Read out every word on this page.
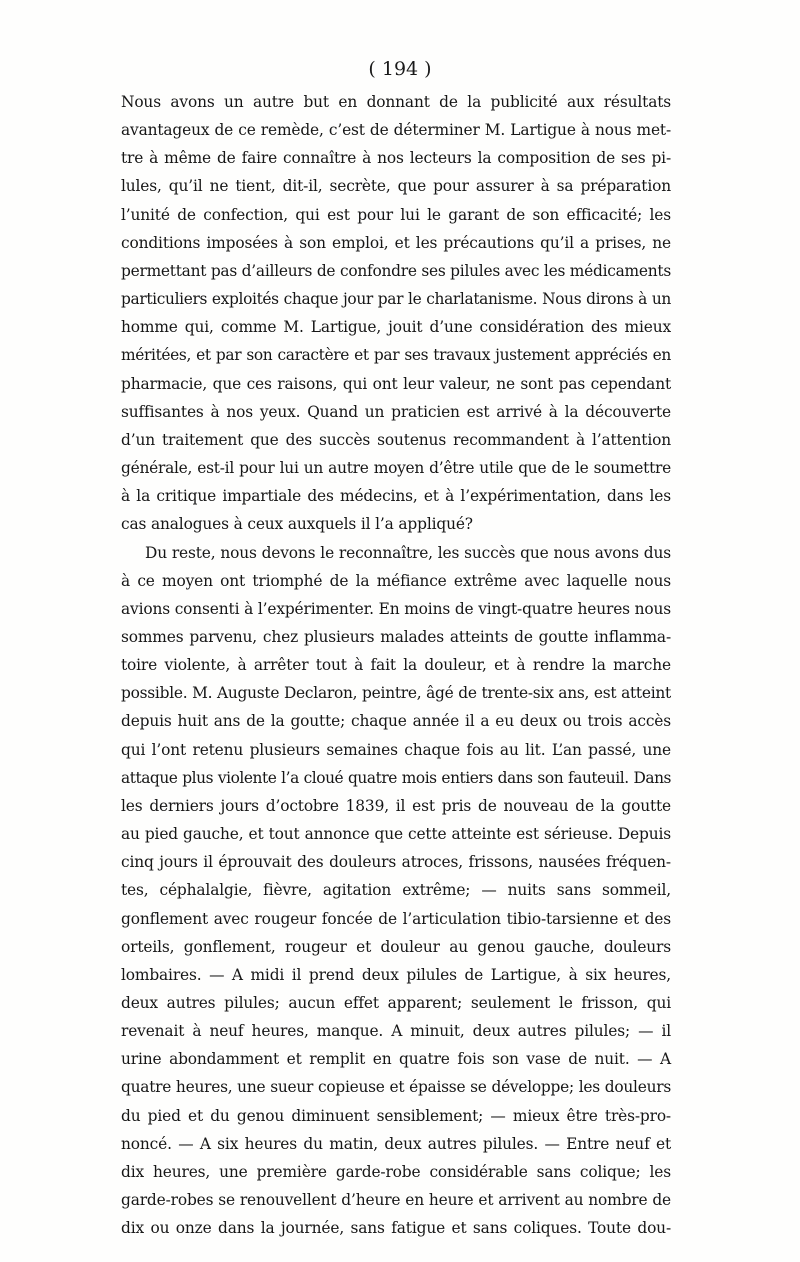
( 194 )
Nous avons un autre but en donnant de la publicité aux résultats
avantageux de ce remède, c’est de déterminer M. Lartigue à nous met-
tre à même de faire connaître à nos lecteurs la composition de ses pi-
lules, qu’il ne tient, dit-il, secrète, que pour assurer à sa préparation
l’unité de confection, qui est pour lui le garant de son efficacité; les
conditions imposées à son emploi, et les précautions qu’il a prises, ne
permettant pas d’ailleurs de confondre ses pilules avec les médicaments
particuliers exploités chaque jour par le charlatanisme. Nous dirons à un
homme qui, comme M. Lartigue, jouit d’une considération des mieux
méritées, et par son caractère et par ses travaux justement appréciés en
pharmacie, que ces raisons, qui ont leur valeur, ne sont pas cependant
suffisantes à nos yeux. Quand un praticien est arrivé à la découverte
d’un traitement que des succès soutenus recommandent à l’attention
générale, est-il pour lui un autre moyen d’être utile que de le soumettre
à la critique impartiale des médecins, et à l’expérimentation, dans les
cas analogues à ceux auxquels il l’a appliqué?
Du reste, nous devons le reconnaître, les succès que nous avons dus
à ce moyen ont triomphé de la méfiance extrême avec laquelle nous
avions consenti à l’expérimenter. En moins de vingt-quatre heures nous
sommes parvenu, chez plusieurs malades atteints de goutte inflamma-
toire violente, à arrêter tout à fait la douleur, et à rendre la marche
possible. M. Auguste Declaron, peintre, âgé de trente-six ans, est atteint
depuis huit ans de la goutte; chaque année il a eu deux ou trois accès
qui l’ont retenu plusieurs semaines chaque fois au lit. L’an passé, une
attaque plus violente l’a cloué quatre mois entiers dans son fauteuil. Dans
les derniers jours d’octobre 1839, il est pris de nouveau de la goutte
au pied gauche, et tout annonce que cette atteinte est sérieuse. Depuis
cinq jours il éprouvait des douleurs atroces, frissons, nausées fréquen-
tes, céphalalgie, fièvre, agitation extrême; — nuits sans sommeil,
gonflement avec rougeur foncée de l’articulation tibio-tarsienne et des
orteils, gonflement, rougeur et douleur au genou gauche, douleurs
lombaires. — A midi il prend deux pilules de Lartigue, à six heures,
deux autres pilules; aucun effet apparent; seulement le frisson, qui
revenait à neuf heures, manque. A minuit, deux autres pilules; — il
urine abondamment et remplit en quatre fois son vase de nuit. — A
quatre heures, une sueur copieuse et épaisse se développe; les douleurs
du pied et du genou diminuent sensiblement; — mieux être très-pro-
noncé. — A six heures du matin, deux autres pilules. — Entre neuf et
dix heures, une première garde-robe considérable sans colique; les
garde-robes se renouvellent d’heure en heure et arrivent au nombre de
dix ou onze dans la journée, sans fatigue et sans coliques. Toute dou-
